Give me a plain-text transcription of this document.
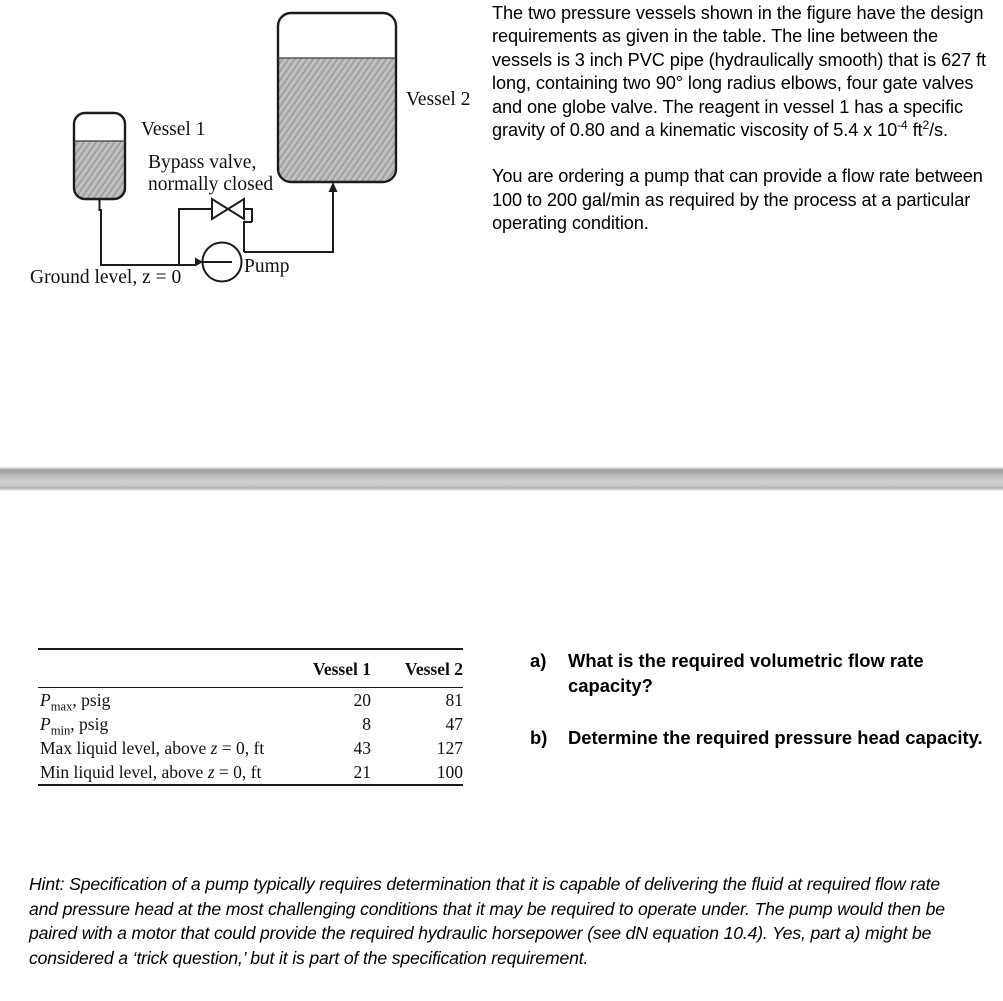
Vessel 1
Vessel 2
Bypass valve,
normally closed
Pump
Ground level, z = 0

The two pressure vessels shown in the figure have the design requirements as given in the table. The line between the vessels is 3 inch PVC pipe (hydraulically smooth) that is 627 ft long, containing two 90° long radius elbows, four gate valves and one globe valve. The reagent in vessel 1 has a specific gravity of 0.80 and a kinematic viscosity of 5.4 x $10^{-4}$ $ft^2/s$.

You are ordering a pump that can provide a flow rate between 100 to 200 gal/min as required by the process at a particular operating condition.

	Vessel 1	Vessel 2
$P_{max}$, psig	20	81
$P_{min}$, psig	8	47
Max liquid level, above z = 0, ft	43	127
Min liquid level, above z = 0, ft	21	100
a)	What is the required volumetric flow rate capacity?
b)	Determine the required pressure head capacity.

Hint: Specification of a pump typically requires determination that it is capable of delivering the fluid at required flow rate and pressure head at the most challenging conditions that it may be required to operate under. The pump would then be paired with a motor that could provide the required hydraulic horsepower (see dN equation 10.4). Yes, part a) might be considered a ‘trick question,’ but it is part of the specification requirement.
